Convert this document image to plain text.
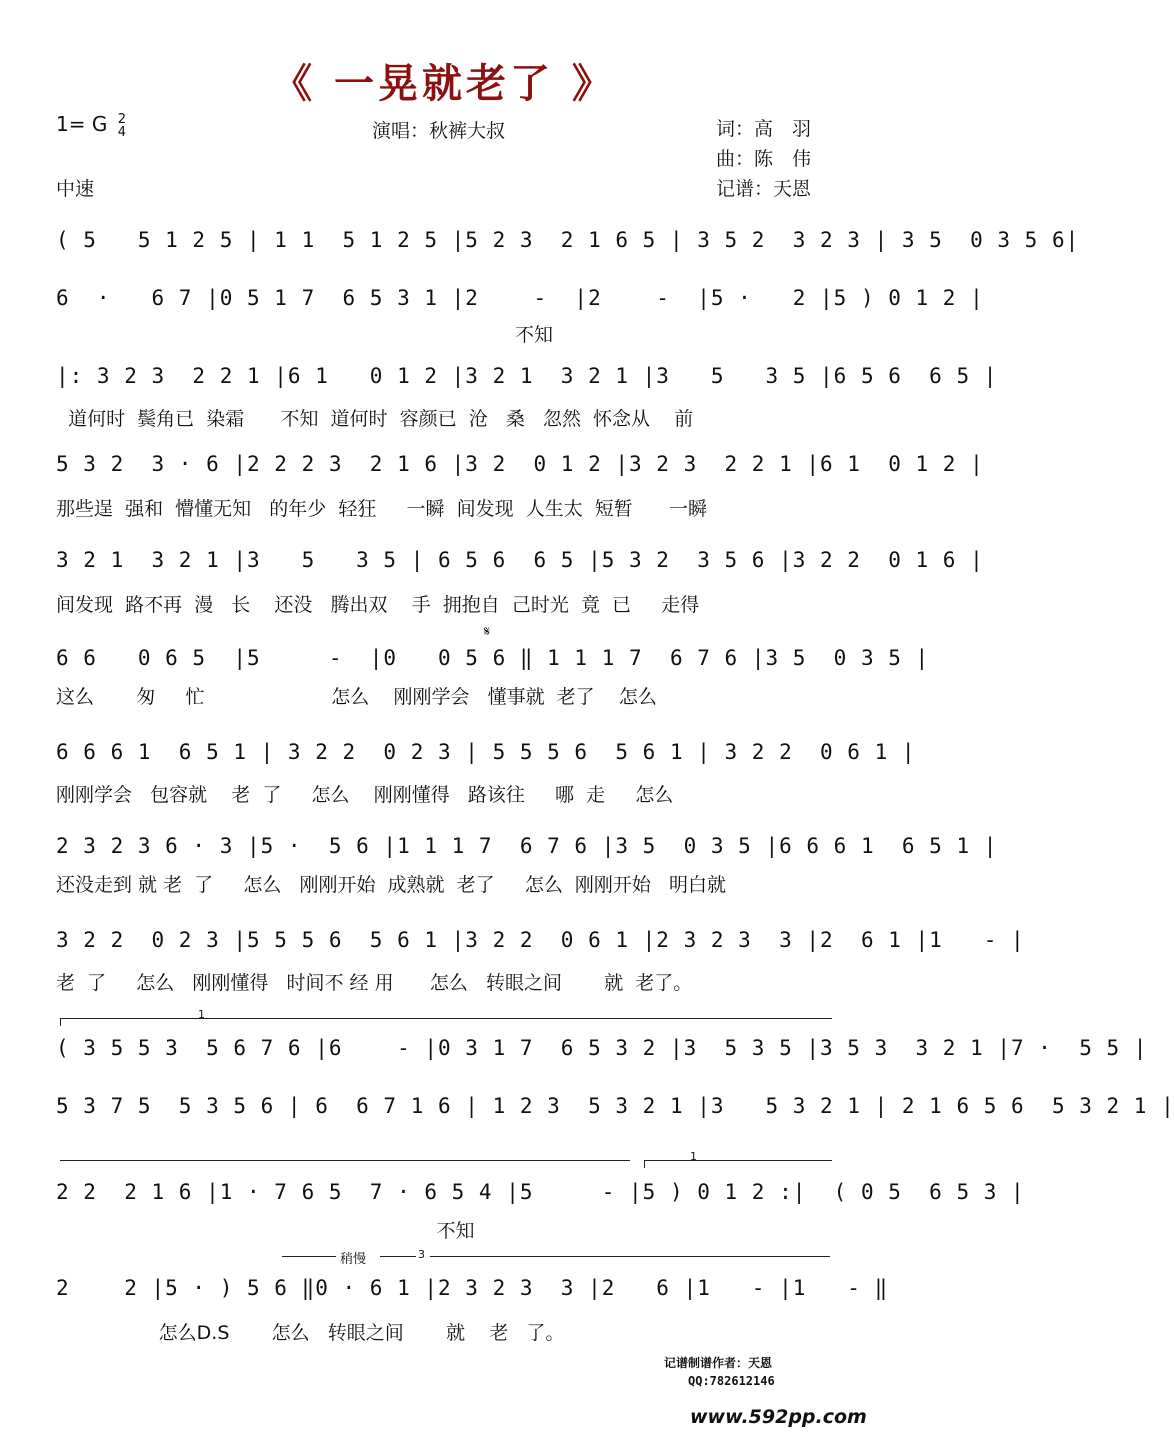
《 一晃就老了 》
1= G 2
4	演唱：秋裤大叔	词：高　羽
曲：陈　伟
记谱：天恩
中速
( 5   5 1 2 5 | 1 1  5 1 2 5 |5 2 3  2 1 6 5 | 3 5 2  3 2 3 | 3 5  0 3 5 6|
6  ·   6 7 |0 5 1 7  6 5 3 1 |2    -  |2    -  |5 ·   2 |5 ) 0 1 2 |
不知
|: 3 2 3  2 2 1 |6 1   0 1 2 |3 2 1  3 2 1 |3   5   3 5 |6 5 6  6 5 |
道何时  鬓角已  染霜      不知  道何时  容颜已  沧   桑   忽然  怀念从    前
5 3 2  3 · 6 |2 2 2 3  2 1 6 |3 2  0 1 2 |3 2 3  2 2 1 |6 1  0 1 2 |
那些逞  强和  懵懂无知   的年少  轻狂     一瞬  间发现  人生太  短暂      一瞬
3 2 1  3 2 1 |3   5   3 5 | 6 5 6  6 5 |5 3 2  3 5 6 |3 2 2  0 1 6 |
间发现  路不再  漫   长    还没   腾出双    手  拥抱自  己时光  竟  已     走得
𝄋
6 6   0 6 5  |5     -  |0   0 5 6 ‖ 1 1 1 7  6 7 6 |3 5  0 3 5 |
这么       匆     忙                     怎么    刚刚学会   懂事就  老了    怎么
6 6 6 1  6 5 1 | 3 2 2  0 2 3 | 5 5 5 6  5 6 1 | 3 2 2  0 6 1 |
刚刚学会   包容就    老  了     怎么    刚刚懂得   路该往     哪  走     怎么
2 3 2 3 6 · 3 |5 ·  5 6 |1 1 1 7  6 7 6 |3 5  0 3 5 |6 6 6 1  6 5 1 |
还没走到 就 老  了     怎么   刚刚开始  成熟就  老了     怎么  刚刚开始   明白就
3 2 2  0 2 3 |5 5 5 6  5 6 1 |3 2 2  0 6 1 |2 3 2 3  3 |2  6 1 |1   - |
老  了     怎么   刚刚懂得   时间不 经 用      怎么   转眼之间       就  老了。
1
( 3 5 5 3  5 6 7 6 |6    - |0 3 1 7  6 5 3 2 |3  5 3 5 |3 5 3  3 2 1 |7 ·  5 5 |
5 3 7 5  5 3 5 6 | 6  6 7 1 6 | 1 2 3  5 3 2 1 |3   5 3 2 1 | 2 1 6 5 6  5 3 2 1 |
1
2 2  2 1 6 |1 · 7 6 5  7 · 6 5 4 |5     - |5 ) 0 1 2 :|  ( 0 5  6 5 3 |
不知
稍慢	3
2    2 |5 · ) 5 6 ‖0 · 6 1 |2 3 2 3  3 |2   6 |1   - |1   - ‖
怎么D.S       怎么   转眼之间       就    老   了。
记谱制谱作者：天恩
QQ:782612146
www.592pp.com
